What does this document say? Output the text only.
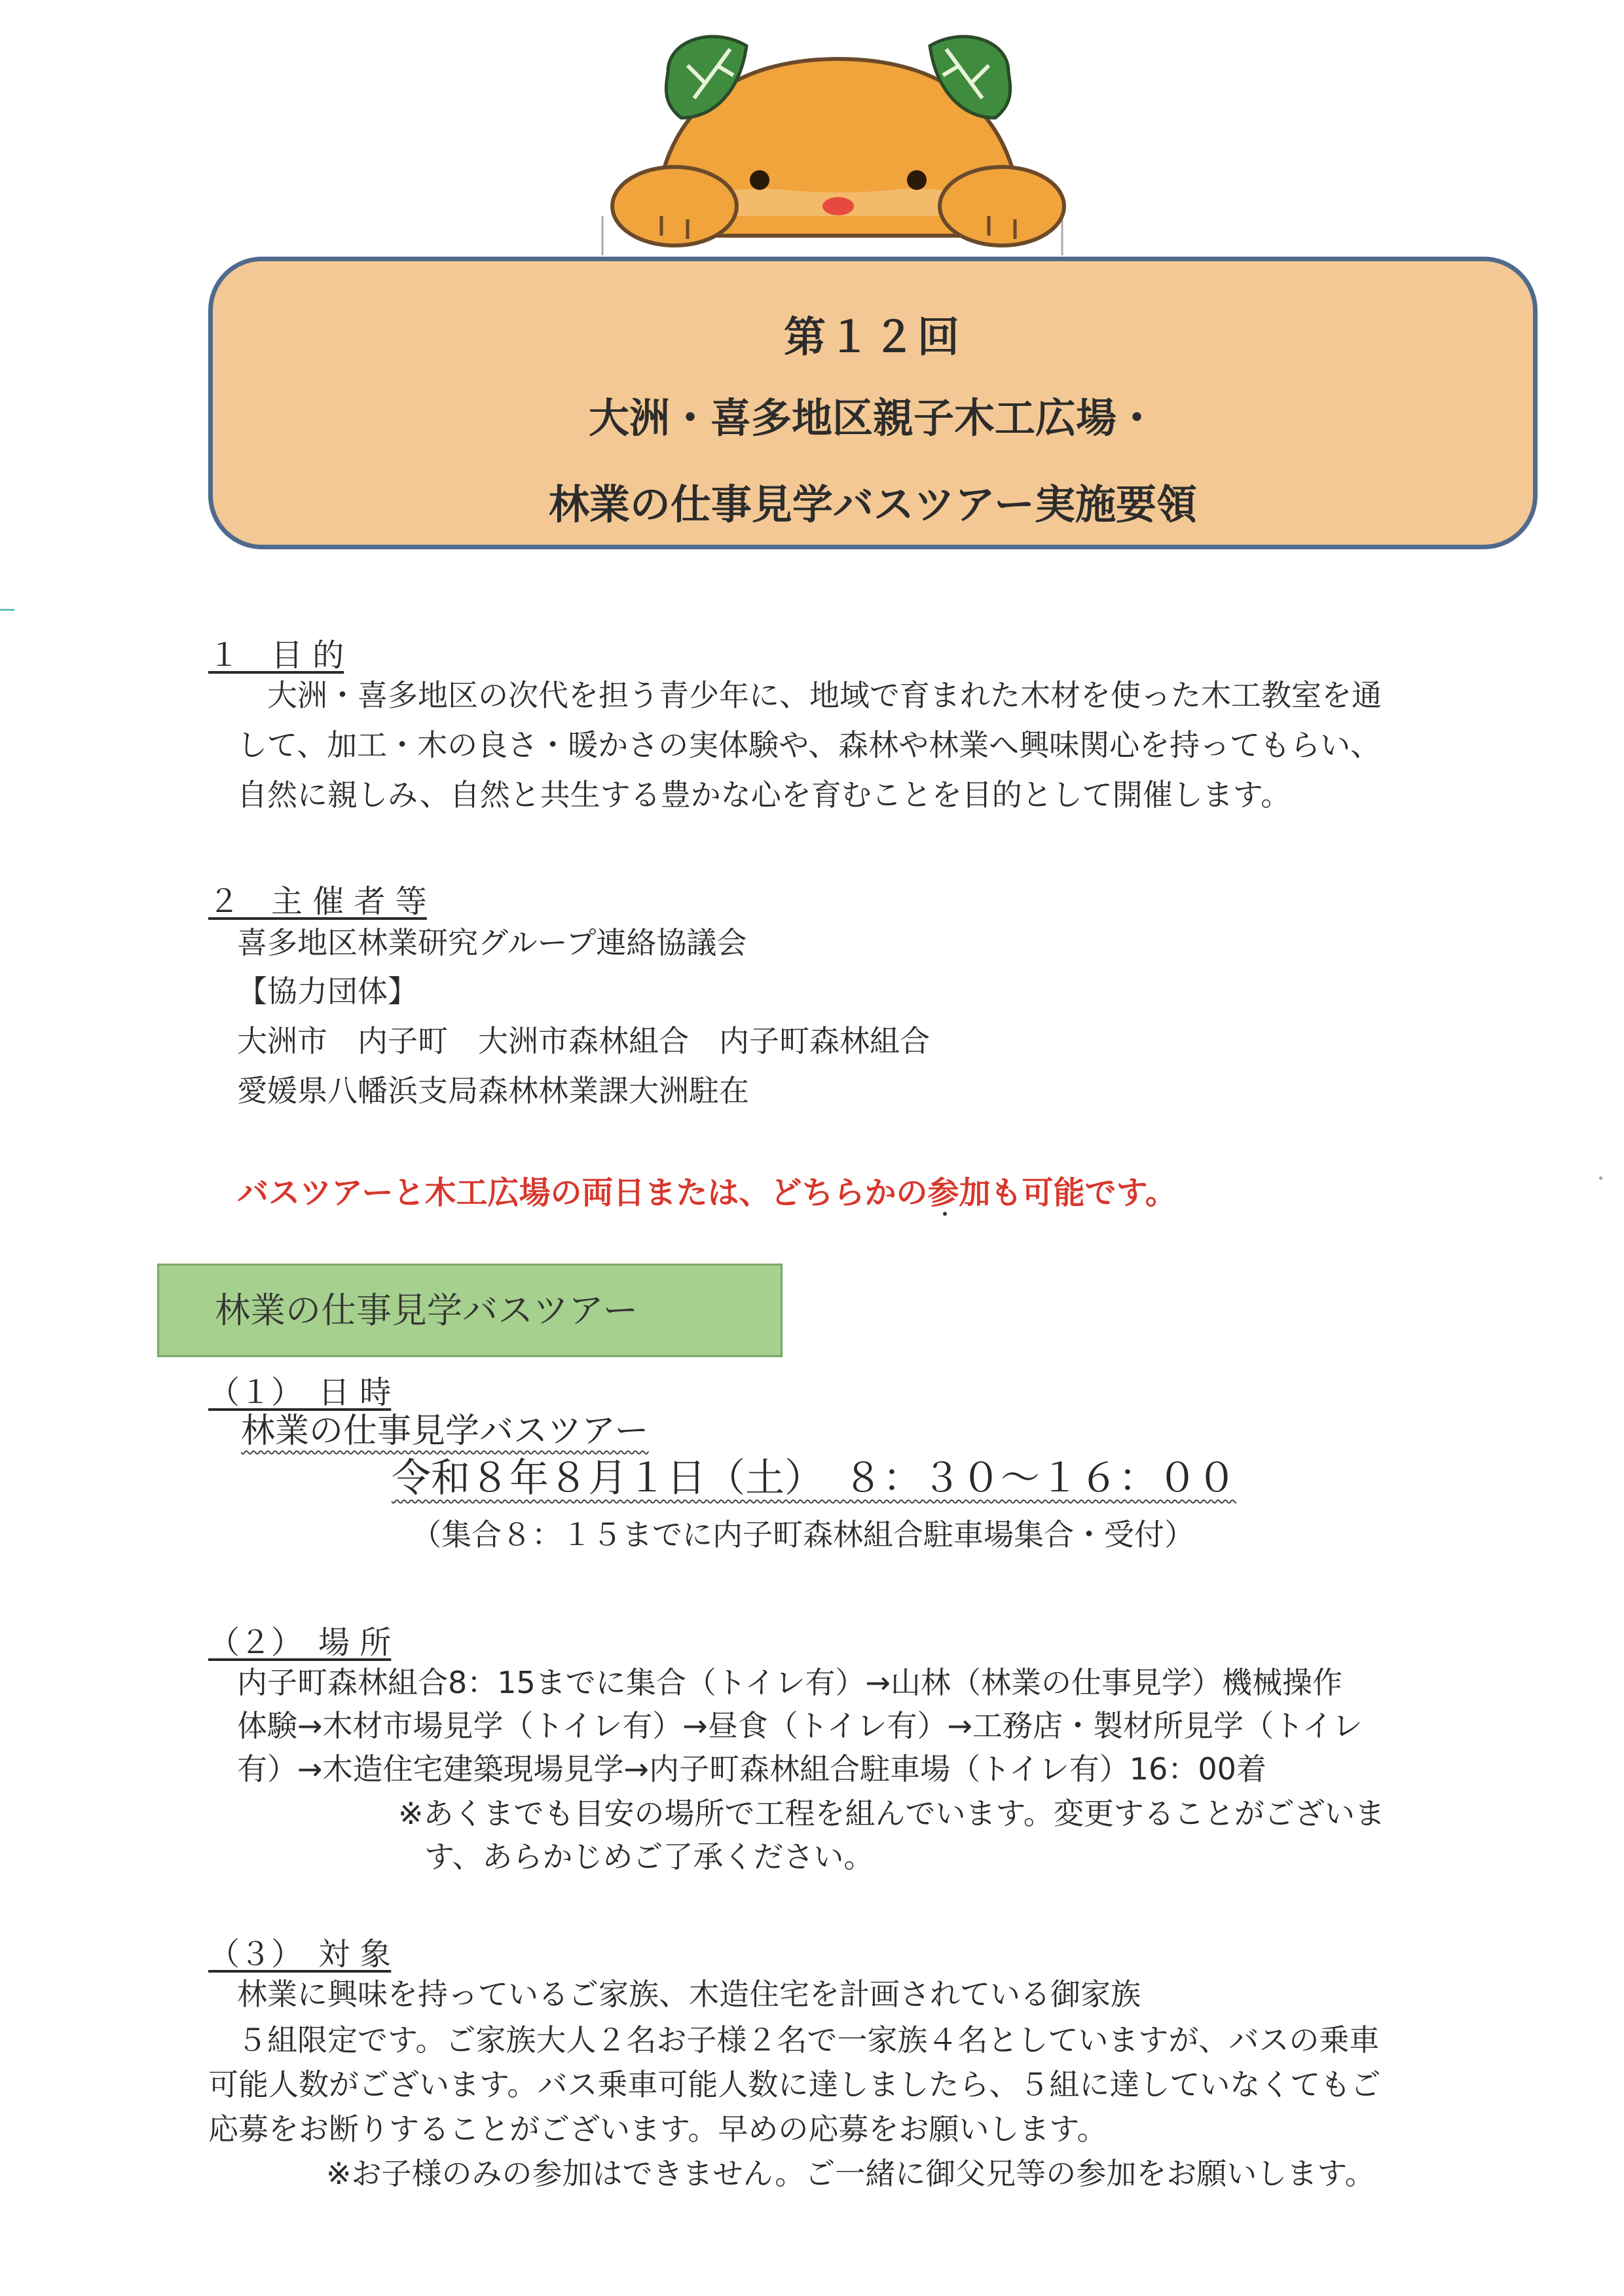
第１２回
大洲・喜多地区親子木工広場・
林業の仕事見学バスツアー実施要領
１　目 的
大洲・喜多地区の次代を担う青少年に、地域で育まれた木材を使った木工教室を通
して、加工・木の良さ・暖かさの実体験や、森林や林業へ興味関心を持ってもらい、
自然に親しみ、自然と共生する豊かな心を育むことを目的として開催します。
２　主 催 者 等
喜多地区林業研究グループ連絡協議会
【協力団体】
大洲市　内子町　大洲市森林組合　内子町森林組合
愛媛県八幡浜支局森林林業課大洲駐在
バスツアーと木工広場の両日または、どちらかの参加も可能です。
林業の仕事見学バスツアー
（１）　日 時
林業の仕事見学バスツアー
令和８年８月１日（土）　８：３０～１６：００
（集合８：１５までに内子町森林組合駐車場集合・受付）
（２）　場 所
内子町森林組合8：15までに集合（トイレ有）→山林（林業の仕事見学）機械操作
体験→木材市場見学（トイレ有）→昼食（トイレ有）→工務店・製材所見学（トイレ
有）→木造住宅建築現場見学→内子町森林組合駐車場（トイレ有）16：00着
※あくまでも目安の場所で工程を組んでいます。変更することがございま
す、あらかじめご了承ください。
（３）　対 象
林業に興味を持っているご家族、木造住宅を計画されている御家族
５組限定です。ご家族大人２名お子様２名で一家族４名としていますが、バスの乗車
可能人数がございます。バス乗車可能人数に達しましたら、５組に達していなくてもご
応募をお断りすることがございます。早めの応募をお願いします。
※お子様のみの参加はできません。ご一緒に御父兄等の参加をお願いします。
